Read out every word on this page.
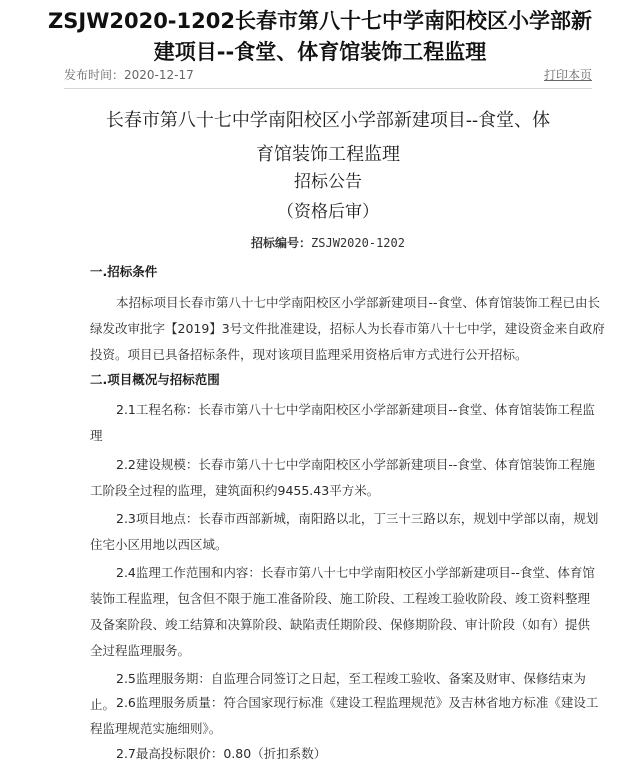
ZSJW2020-1202长春市第八十七中学南阳校区小学部新
建项目--食堂、体育馆装饰工程监理
发布时间：2020-12-17	打印本页
长春市第八十七中学南阳校区小学部新建项目--食堂、体
育馆装饰工程监理
招标公告
（资格后审）
招标编号：ZSJW2020-1202
一.招标条件
本招标项目长春市第八十七中学南阳校区小学部新建项目--食堂、体育馆装饰工程已由长
绿发改审批字【2019】3号文件批准建设，招标人为长春市第八十七中学，建设资金来自政府
投资。项目已具备招标条件，现对该项目监理采用资格后审方式进行公开招标。
二.项目概况与招标范围
2.1工程名称：长春市第八十七中学南阳校区小学部新建项目--食堂、体育馆装饰工程监
理
2.2建设规模：长春市第八十七中学南阳校区小学部新建项目--食堂、体育馆装饰工程施
工阶段全过程的监理，建筑面积约9455.43平方米。
2.3项目地点：长春市西部新城，南阳路以北，丁三十三路以东，规划中学部以南，规划
住宅小区用地以西区域。
2.4监理工作范围和内容：长春市第八十七中学南阳校区小学部新建项目--食堂、体育馆
装饰工程监理，包含但不限于施工准备阶段、施工阶段、工程竣工验收阶段、竣工资料整理
及备案阶段、竣工结算和决算阶段、缺陷责任期阶段、保修期阶段、审计阶段（如有）提供
全过程监理服务。
2.5监理服务期：自监理合同签订之日起，至工程竣工验收、备案及财审、保修结束为
止。 2.6监理服务质量：符合国家现行标准《建设工程监理规范》及吉林省地方标准《建设工
程监理规范实施细则》。
2.7最高投标限价：0.80（折扣系数）
